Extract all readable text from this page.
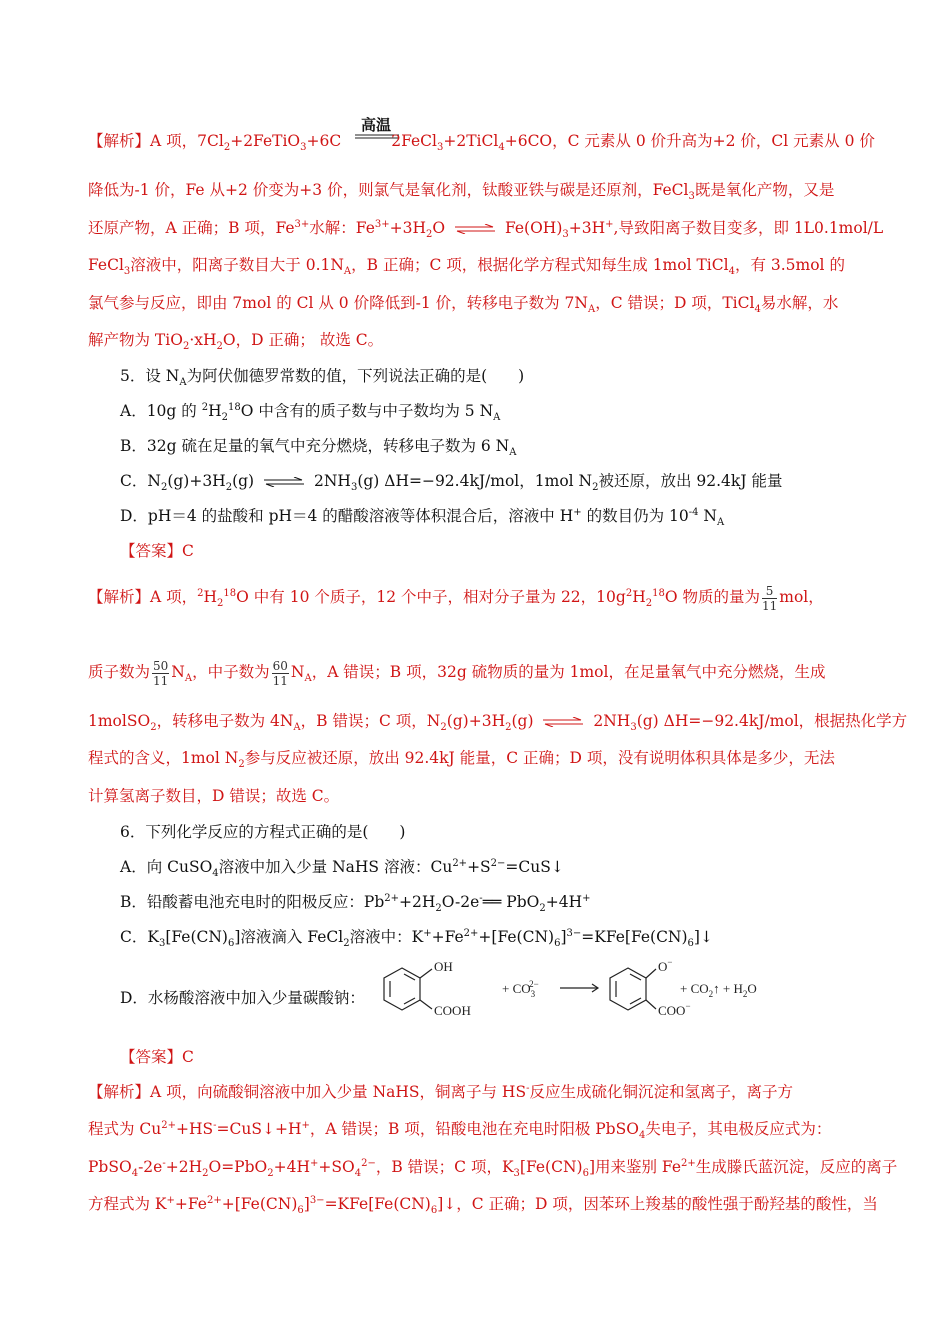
高温
【解析】A 项，$7Cl_2+2FeTiO_3+6C$	2FeCl$_3$+2TiCl$_4$+6CO，C 元素从 0 价升高为+2 价，Cl 元素从 0 价
降低为-1 价，Fe 从+2 价变为+3 价，则氯气是氧化剂，钛酸亚铁与碳是还原剂，FeCl$_3$既是氧化产物，又是
还原产物，A 正确；B 项，$Fe^{3+}$水解：$Fe^{3+}+3H_2O$ ⇌ $Fe(OH)_3+3H^+$,导致阳离子数目变多，即 1L0.1mol/L
FeCl$_3$溶液中，阳离子数目大于 $0.1N_A$，B 正确；C 项，根据化学方程式知每生成 1mol TiCl$_4$，有 3.5mol 的
氯气参与反应，即由 7mol 的 Cl 从 0 价降低到-1 价，转移电子数为 $7N_A$，C 错误；D 项，TiCl$_4$易水解，水
解产物为 $TiO_2\cdot xH_2O$，D 正确； 故选 C。
5．设 $N_A$为阿伏伽德罗常数的值，下列说法正确的是(　　)
A．10g 的 $^2H_2^{18}O$ 中含有的质子数与中子数均为 5 $N_A$
B．32g 硫在足量的氧气中充分燃烧，转移电子数为 6 $N_A$
C．$N_2(g)+3H_2(g)$ ⇌ $2NH_3(g)$ ΔH=−92.4kJ/mol，1mol $N_2$被还原，放出 92.4kJ 能量
D．pH＝4 的盐酸和 pH＝4 的醋酸溶液等体积混合后，溶液中 H+ 的数目仍为 $10^{-4}$ $N_A$
【答案】C
【解析】A 项，$^2H_2^{18}O$ 中有 10 个质子，12 个中子，相对分子量为 22，$10g^2H_2^{18}O$ 物质的量为 $\frac{5}{11}$ mol，
质子数为 $\frac{50}{11} N_A$，中子数为 $\frac{60}{11} N_A$，A 错误；B 项，32g 硫物质的量为 1mol，在足量氧气中充分燃烧，生成
1molSO$_2$，转移电子数为 $4N_A$，B 错误；C 项，$N_2(g)+3H_2(g)$ ⇌ $2NH_3(g)$ ΔH=−92.4kJ/mol，根据热化学方
程式的含义，1mol $N_2$参与反应被还原，放出 92.4kJ 能量，C 正确；D 项，没有说明体积具体是多少，无法
计算氢离子数目，D 错误；故选 C。
6．下列化学反应的方程式正确的是(　　)
A．向 CuSO$_4$溶液中加入少量 NaHS 溶液：$Cu^{2+}+S^{2-}=CuS↓$
B．铅酸蓄电池充电时的阳极反应：$Pb^{2+}+2H_2O-2e^-══$ PbO$_2$+4H+
C．$K_3[Fe(CN)_6]$溶液滴入 FeCl$_2$溶液中：$K^++Fe^{2+}+[Fe(CN)_6]^{3-}=KFe[Fe(CN)_6]↓$
D．水杨酸溶液中加入少量碳酸钠：
OH
COOH
+ $CO_32-$
O−
COO−
+ $CO_2↑ + H_2O$
【答案】C
【解析】A 项，向硫酸铜溶液中加入少量 NaHS，铜离子与 HS-反应生成硫化铜沉淀和氢离子，离子方
程式为 $Cu^{2+}+HS^-=CuS↓+H^+$，A 错误；B 项，铅酸电池在充电时阳极 PbSO$_4$失电子，其电极反应式为：
$PbSO_4-2e^-+2H_2O=PbO_2+4H^++SO_4^{2-}$，B 错误；C 项，$K_3[Fe(CN)_6]$用来鉴别 $Fe^{2+}$生成滕氏蓝沉淀，反应的离子
方程式为 $K^++Fe^{2+}+[Fe(CN)_6]^{3-}=KFe[Fe(CN)_6]↓$，C 正确；D 项，因苯环上羧基的酸性强于酚羟基的酸性，当
